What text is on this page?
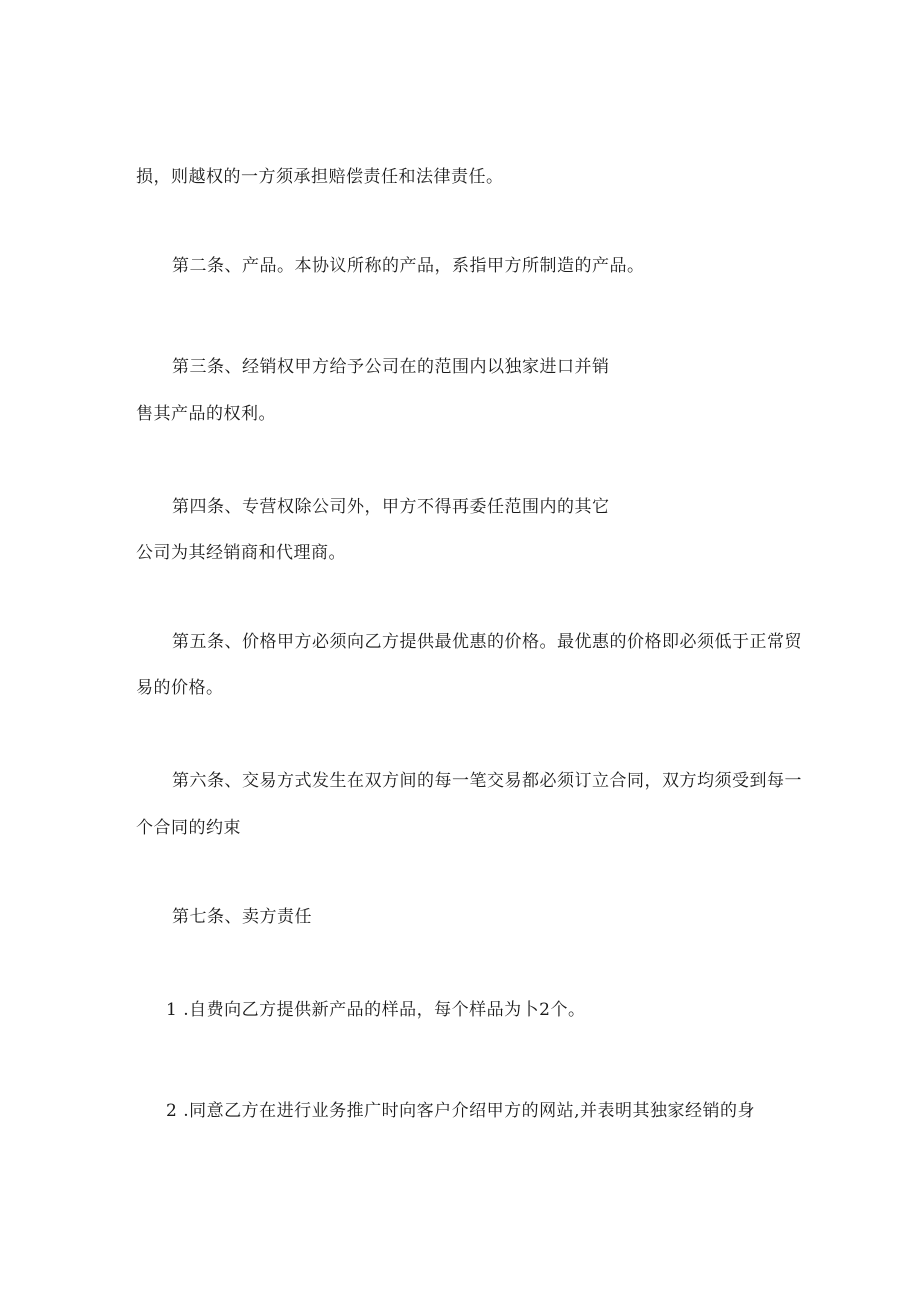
损，则越权的一方须承担赔偿责任和法律责任。
第二条、产品。本协议所称的产品，系指甲方所制造的产品。
第三条、经销权甲方给予公司在的范围内以独家进口并销
售其产品的权利。
第四条、专营权除公司外，甲方不得再委任范围内的其它
公司为其经销商和代理商。
第五条、价格甲方必须向乙方提供最优惠的价格。最优惠的价格即必须低于正常贸
易的价格。
第六条、交易方式发生在双方间的每一笔交易都必须订立合同，双方均须受到每一
个合同的约束
第七条、卖方责任
1 .自费向乙方提供新产品的样品，每个样品为卜2个。
2 .同意乙方在进行业务推广时向客户介绍甲方的网站,并表明其独家经销的身
